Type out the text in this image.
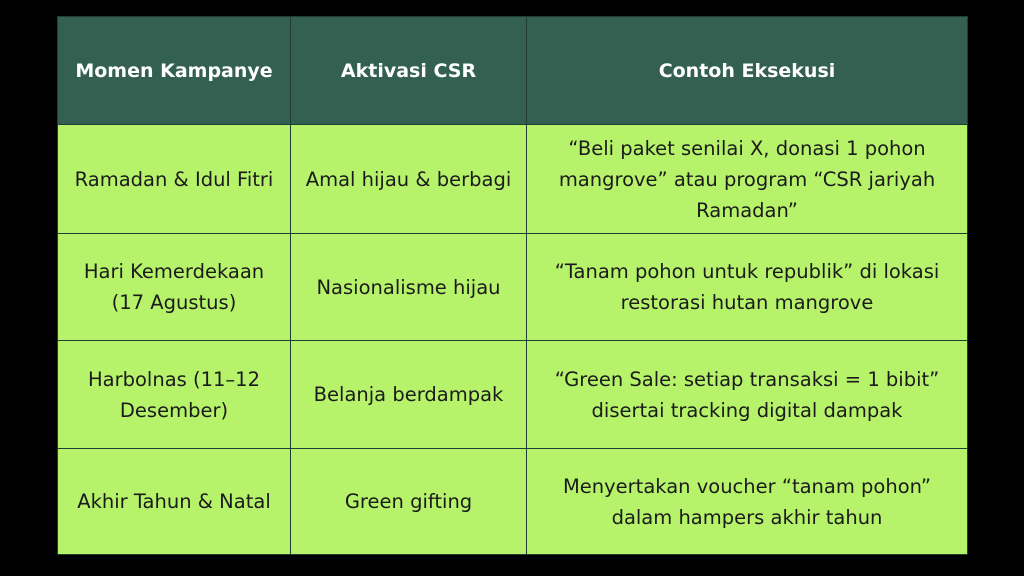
Momen Kampanye	Aktivasi CSR	Contoh Eksekusi
Ramadan & Idul Fitri	Amal hijau & berbagi	“Beli paket senilai X, donasi 1 pohon mangrove” atau program “CSR jariyah Ramadan”
Hari Kemerdekaan (17 Agustus)	Nasionalisme hijau	“Tanam pohon untuk republik” di lokasi restorasi hutan mangrove
Harbolnas (11–12 Desember)	Belanja berdampak	“Green Sale: setiap transaksi = 1 bibit” disertai tracking digital dampak
Akhir Tahun & Natal	Green gifting	Menyertakan voucher “tanam pohon” dalam hampers akhir tahun
